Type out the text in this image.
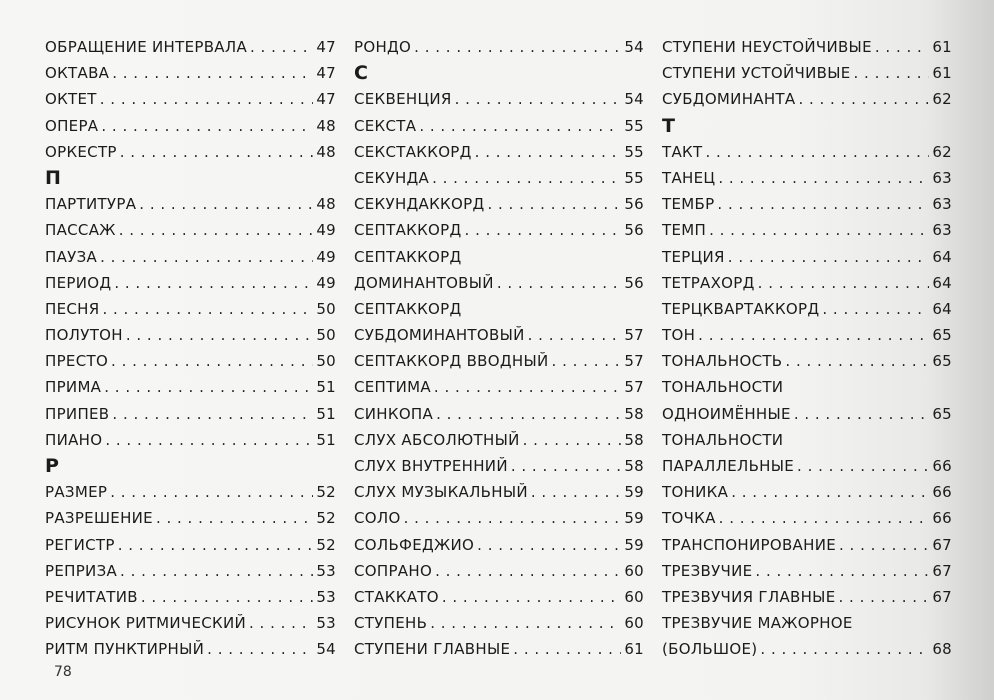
ОБРАЩЕНИЕ ИНТЕРВАЛА . . .	47
ОКТАВА . . .	47
ОКТЕТ . . .	47
ОПЕРА . . .	48
ОРКЕСТР . . .	48
П
ПАРТИТУРА . . .	48
ПАССАЖ . . .	49
ПАУЗА . . .	49
ПЕРИОД . . .	49
ПЕСНЯ . . .	50
ПОЛУТОН . . .	50
ПРЕСТО . . .	50
ПРИМА . . .	51
ПРИПЕВ . . .	51
ПИАНО . . .	51
Р
РАЗМЕР . . .	52
РАЗРЕШЕНИЕ . . .	52
РЕГИСТР . . .	52
РЕПРИЗА . . .	53
РЕЧИТАТИВ . . .	53
РИСУНОК РИТМИЧЕСКИЙ . . .	53
РИТМ ПУНКТИРНЫЙ . . .	54
РОНДО . . .	54
С
СЕКВЕНЦИЯ . . .	54
СЕКСТА . . .	55
СЕКСТАККОРД . . .	55
СЕКУНДА . . .	55
СЕКУНДАККОРД . . .	56
СЕПТАККОРД . . .	56
СЕПТАККОРД
ДОМИНАНТОВЫЙ . . .	56
СЕПТАККОРД
СУБДОМИНАНТОВЫЙ . . .	57
СЕПТАККОРД ВВОДНЫЙ . . .	57
СЕПТИМА . . .	57
СИНКОПА . . .	58
СЛУХ АБСОЛЮТНЫЙ . . .	58
СЛУХ ВНУТРЕННИЙ . . .	58
СЛУХ МУЗЫКАЛЬНЫЙ . . .	59
СОЛО . . .	59
СОЛЬФЕДЖИО . . .	59
СОПРАНО . . .	60
СТАККАТО . . .	60
СТУПЕНЬ . . .	60
СТУПЕНИ ГЛАВНЫЕ . . .	61
СТУПЕНИ НЕУСТОЙЧИВЫЕ . . .	61
СТУПЕНИ УСТОЙЧИВЫЕ . . .	61
СУБДОМИНАНТА . . .	62
Т
ТАКТ . . .	62
ТАНЕЦ . . .	63
ТЕМБР . . .	63
ТЕМП . . .	63
ТЕРЦИЯ . . .	64
ТЕТРАХОРД . . .	64
ТЕРЦКВАРТАККОРД . . .	64
ТОН . . .	65
ТОНАЛЬНОСТЬ . . .	65
ТОНАЛЬНОСТИ
ОДНОИМЁННЫЕ . . .	65
ТОНАЛЬНОСТИ
ПАРАЛЛЕЛЬНЫЕ . . .	66
ТОНИКА . . .	66
ТОЧКА . . .	66
ТРАНСПОНИРОВАНИЕ . . .	67
ТРЕЗВУЧИЕ . . .	67
ТРЕЗВУЧИЯ ГЛАВНЫЕ . . .	67
ТРЕЗВУЧИЕ МАЖОРНОЕ
(БОЛЬШОЕ) . . .	68
78
